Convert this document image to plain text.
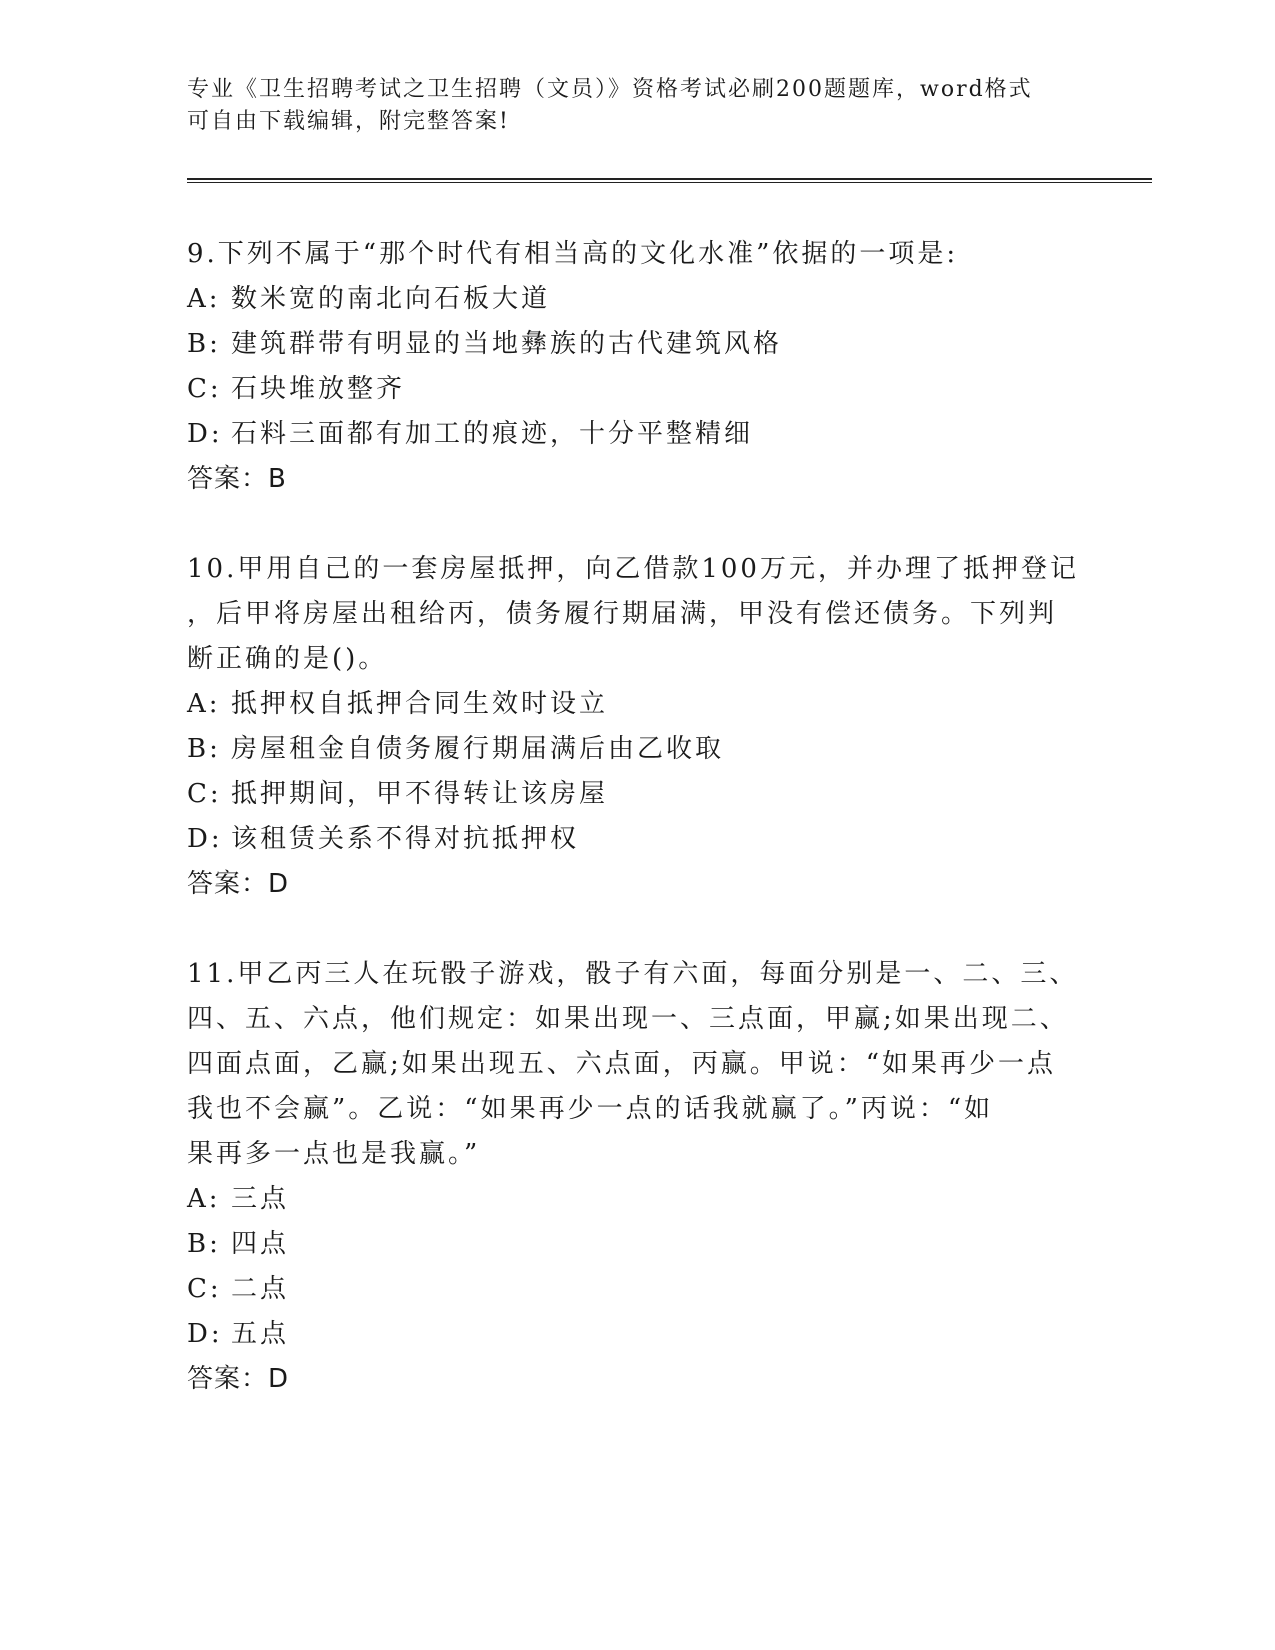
专业《卫生招聘考试之卫生招聘（文员）》资格考试必刷200题题库，word格式
可自由下载编辑，附完整答案!

9.下列不属于“那个时代有相当高的文化水准”依据的一项是:

A: 数米宽的南北向石板大道

B: 建筑群带有明显的当地彝族的古代建筑风格

C: 石块堆放整齐

D: 石料三面都有加工的痕迹，十分平整精细

答案：B

10.甲用自己的一套房屋抵押，向乙借款100万元，并办理了抵押登记

，后甲将房屋出租给丙，债务履行期届满，甲没有偿还债务。下列判

断正确的是()。

A: 抵押权自抵押合同生效时设立

B: 房屋租金自债务履行期届满后由乙收取

C: 抵押期间，甲不得转让该房屋

D: 该租赁关系不得对抗抵押权

答案：D

11.甲乙丙三人在玩骰子游戏，骰子有六面，每面分别是一、二、三、

四、五、六点，他们规定：如果出现一、三点面，甲赢;如果出现二、

四面点面，乙赢;如果出现五、六点面，丙赢。甲说：“如果再少一点

我也不会赢”。乙说：“如果再少一点的话我就赢了。”丙说：“如

果再多一点也是我赢。”

A: 三点

B: 四点

C: 二点

D: 五点

答案：D
